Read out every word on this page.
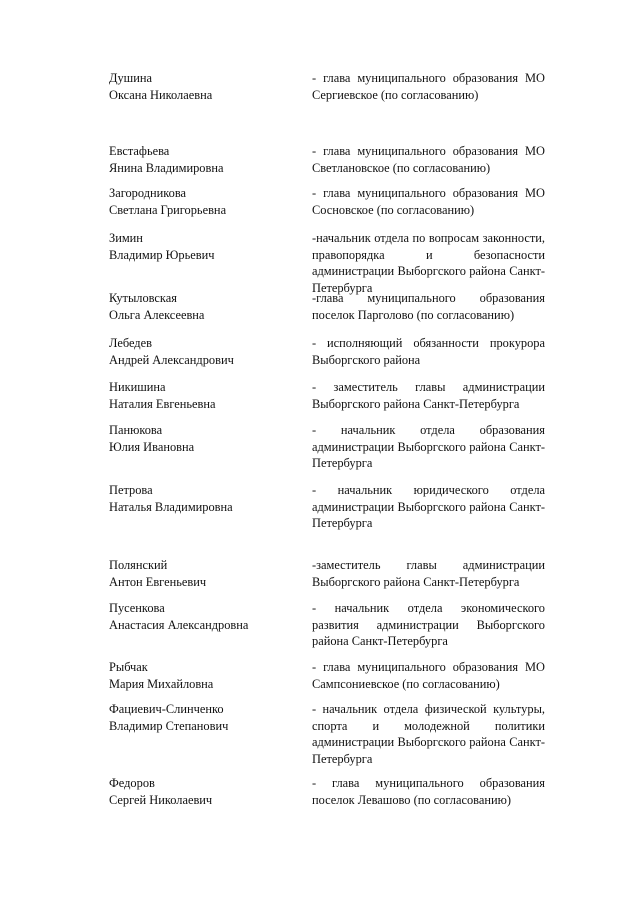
Душина
Оксана Николаевна
- глава муниципального образования МО Сергиевское (по согласованию)
Евстафьева
Янина Владимировна
- глава муниципального образования МО Светлановское (по согласованию)
Загородникова
Светлана Григорьевна
- глава муниципального образования МО Сосновское (по согласованию)
Зимин
Владимир Юрьевич
-начальник отдела по вопросам законности, правопорядка и безопасности администрации Выборгского района Санкт-Петербурга
Кутыловская
Ольга Алексеевна
-глава муниципального образования поселок Парголово (по согласованию)
Лебедев
Андрей Александрович
- исполняющий обязанности прокурора Выборгского района
Никишина
Наталия Евгеньевна
- заместитель главы администрации Выборгского района Санкт-Петербурга
Панюкова
Юлия Ивановна
- начальник отдела образования администрации Выборгского района Санкт-Петербурга
Петрова
Наталья Владимировна
- начальник юридического отдела администрации Выборгского района Санкт-Петербурга
Полянский
Антон Евгеньевич
-заместитель главы администрации Выборгского района Санкт-Петербурга
Пусенкова
Анастасия Александровна
- начальник отдела экономического развития администрации Выборгского района Санкт-Петербурга
Рыбчак
Мария Михайловна
- глава муниципального образования МО Сампсониевское (по согласованию)
Фациевич-Слинченко
Владимир Степанович
- начальник отдела физической культуры, спорта и молодежной политики администрации Выборгского района Санкт-Петербурга
Федоров
Сергей Николаевич
- глава муниципального образования поселок Левашово (по согласованию)
